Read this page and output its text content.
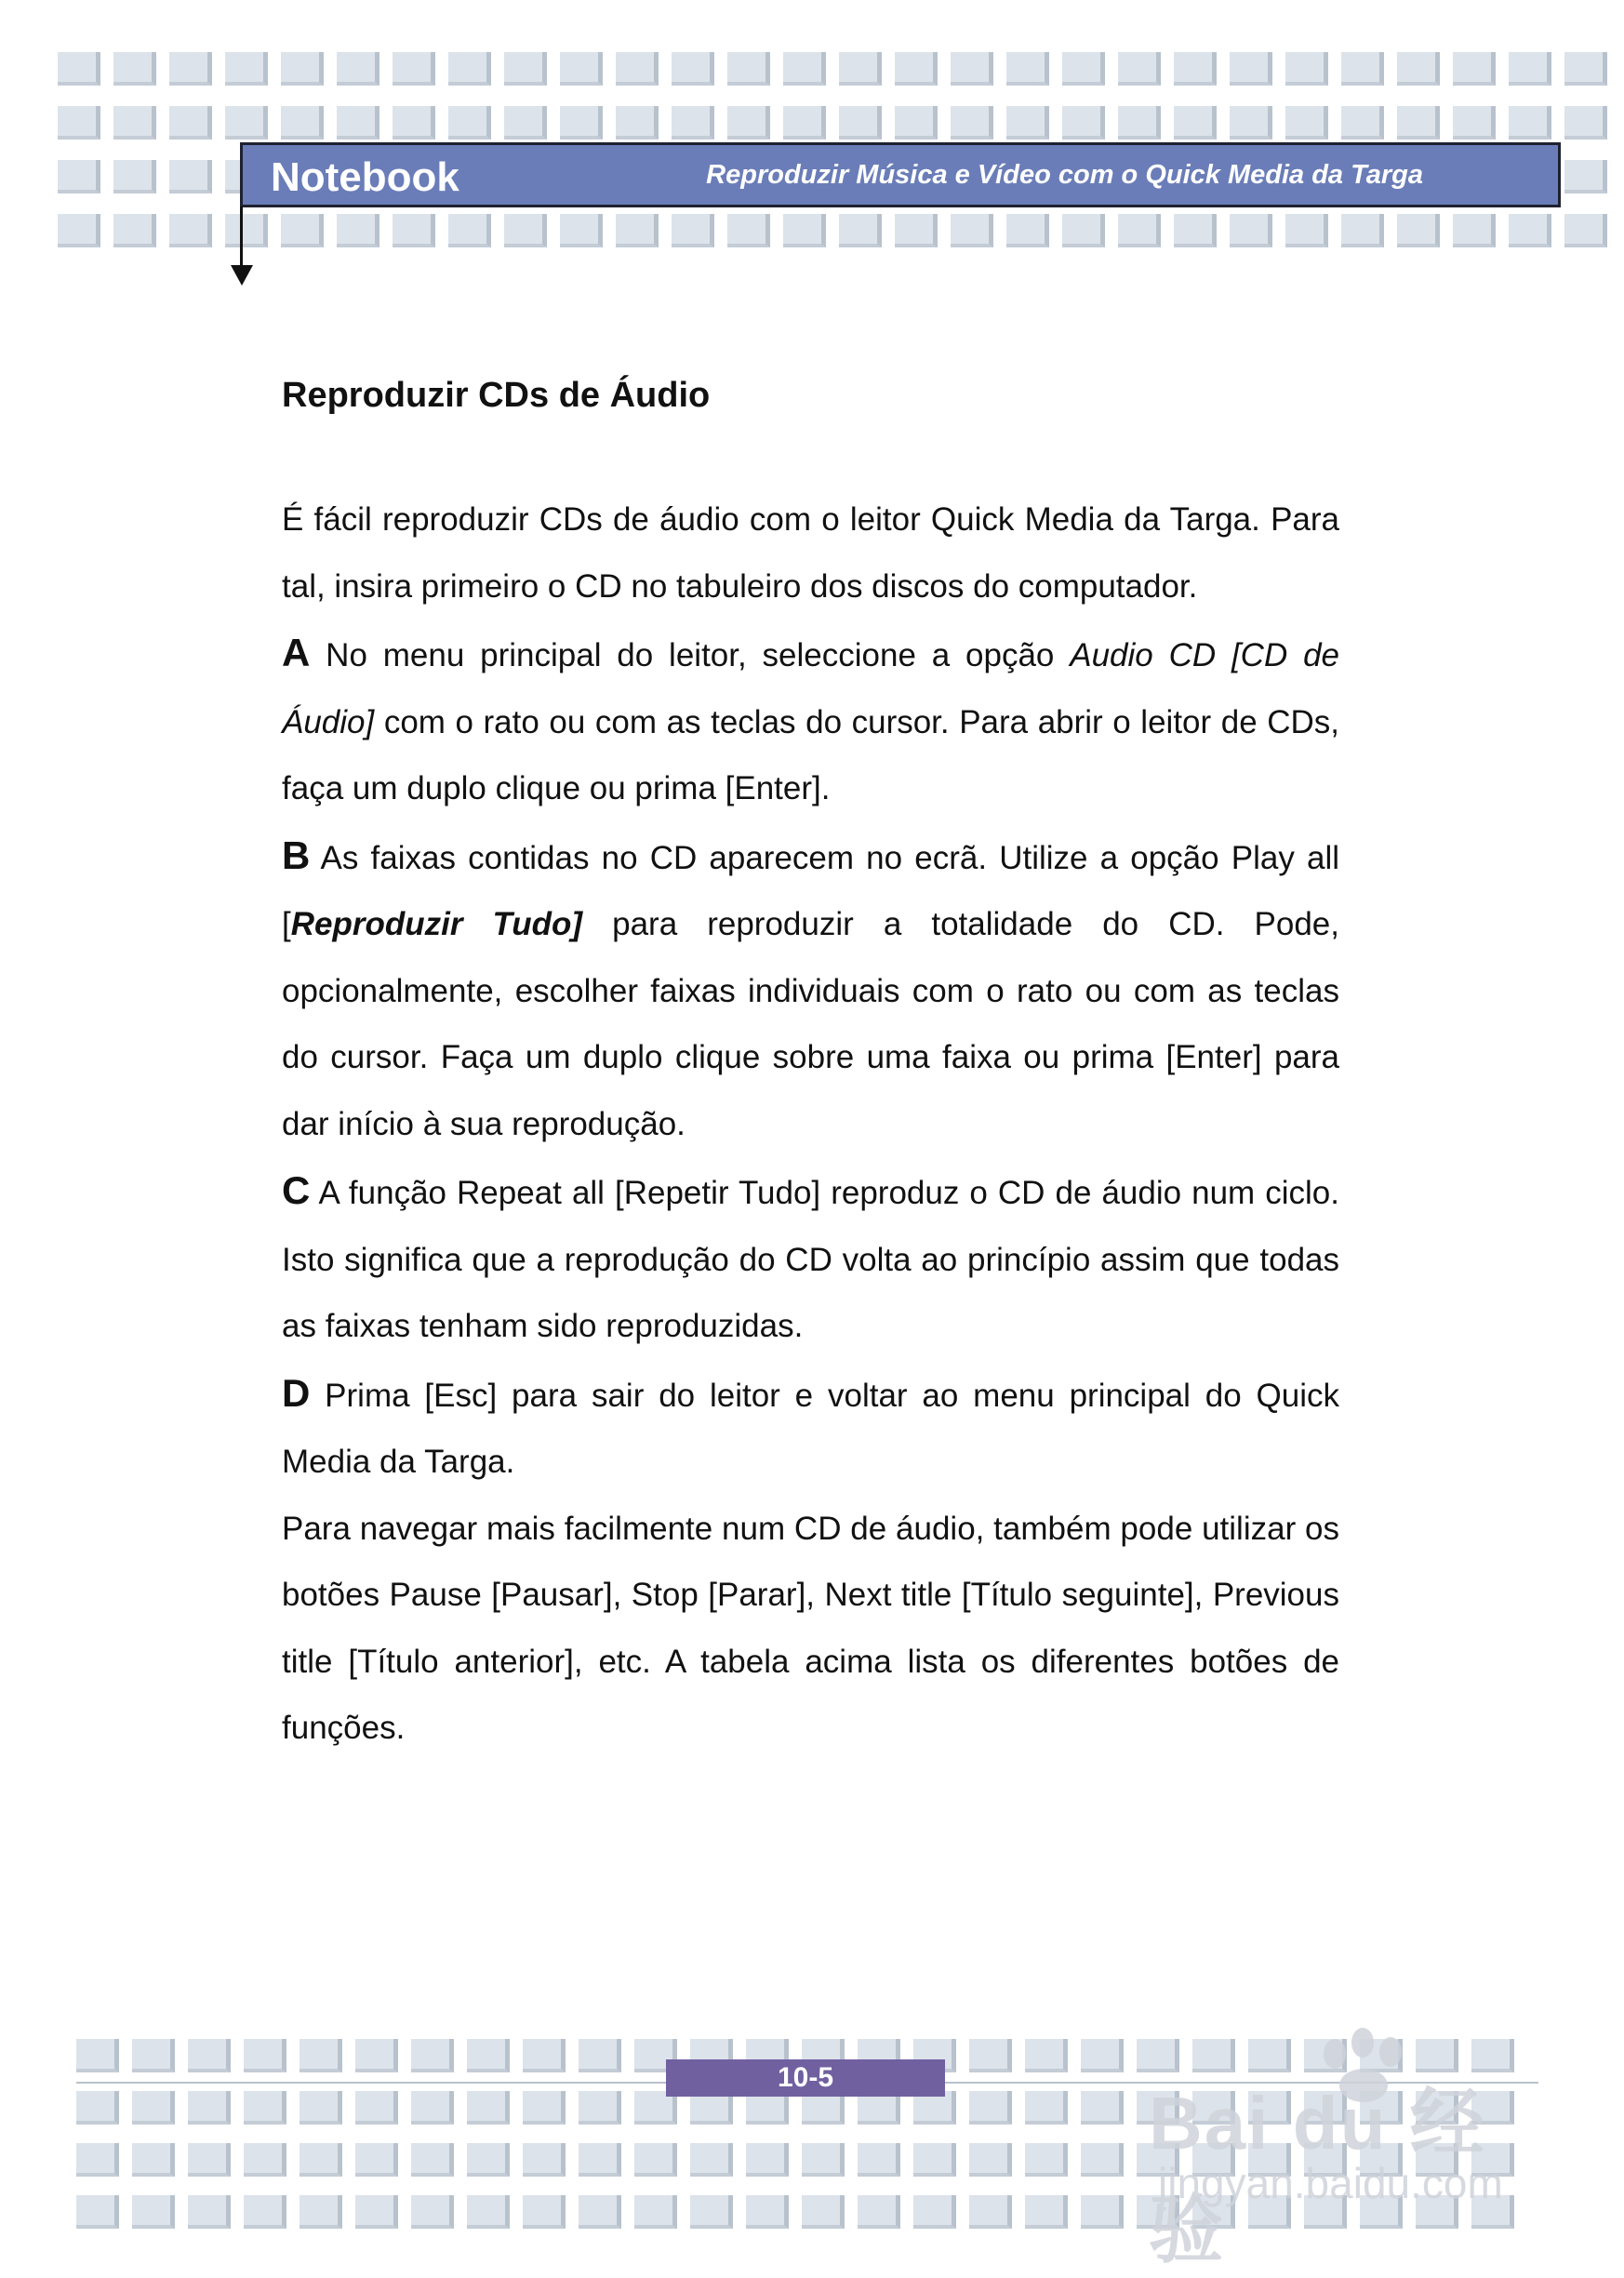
Notebook	Reproduzir Música e Vídeo com o Quick Media da Targa
Reproduzir CDs de Áudio

É fácil reproduzir CDs de áudio com o leitor Quick Media da Targa. Para tal, insira primeiro o CD no tabuleiro dos discos do computador.

A No menu principal do leitor, seleccione a opção Audio CD [CD de Áudio] com o rato ou com as teclas do cursor. Para abrir o leitor de CDs, faça um duplo clique ou prima [Enter].

B As faixas contidas no CD aparecem no ecrã. Utilize a opção Play all [Reproduzir Tudo] para reproduzir a totalidade do CD. Pode, opcionalmente, escolher faixas individuais com o rato ou com as teclas do cursor. Faça um duplo clique sobre uma faixa ou prima [Enter] para dar início à sua reprodução.

C A função Repeat all [Repetir Tudo] reproduz o CD de áudio num ciclo. Isto significa que a reprodução do CD volta ao princípio assim que todas as faixas tenham sido reproduzidas.

D Prima [Esc] para sair do leitor e voltar ao menu principal do Quick Media da Targa.

Para navegar mais facilmente num CD de áudio, também pode utilizar os botões Pause [Pausar], Stop [Parar], Next title [Título seguinte], Previous title [Título anterior], etc. A tabela acima lista os diferentes botões de funções.

10-5
Bai du 经验
jingyan.baidu.com
